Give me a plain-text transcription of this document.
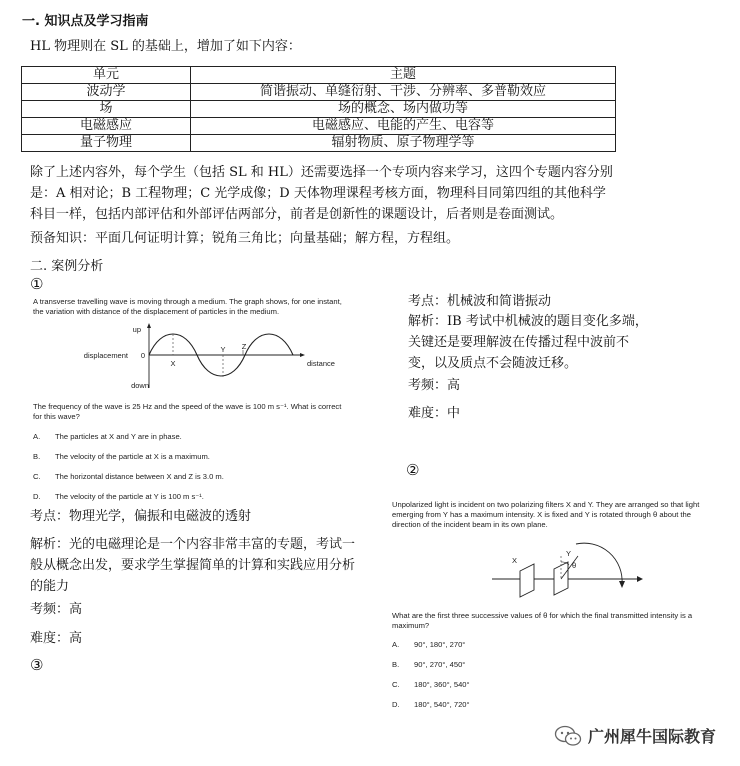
一. 知识点及学习指南
HL 物理则在 SL 的基础上，增加了如下内容：
单元	主题
波动学	简谐振动、单缝衍射、干涉、分辨率、多普勒效应
场	场的概念、场内做功等
电磁感应	电磁感应、电能的产生、电容等
量子物理	辐射物质、原子物理学等
除了上述内容外，每个学生（包括 SL 和 HL）还需要选择一个专项内容来学习，这四个专题内容分别
是：A 相对论；B 工程物理；C 光学成像；D 天体物理课程考核方面，物理科目同第四组的其他科学
科目一样，包括内部评估和外部评估两部分，前者是创新性的课题设计，后者则是卷面测试。
预备知识：平面几何证明计算；锐角三角比；向量基础；解方程，方程组。
二. 案例分析
①
A transverse travelling wave is moving through a medium. The graph shows, for one instant,
the variation with distance of the displacement of particles in the medium.
up
displacement 0
down
X
Y Z
distance
The frequency of the wave is 25 Hz and the speed of the wave is 100 m s⁻¹. What is correct
for this wave?
A. The particles at X and Y are in phase.
B. The velocity of the particle at X is a maximum.
C. The horizontal distance between X and Z is 3.0 m.
D. The velocity of the particle at Y is 100 m s⁻¹.
考点：机械波和简谐振动
解析：IB 考试中机械波的题目变化多端，
关键还是要理解波在传播过程中波前不
变，以及质点不会随波迁移。
考频：高
难度：中
②
考点：物理光学，偏振和电磁波的透射
解析：光的电磁理论是一个内容非常丰富的专题，考试一
般从概念出发，要求学生掌握简单的计算和实践应用分析
的能力
考频：高
难度：高
③
Unpolarized light is incident on two polarizing filters X and Y. They are arranged so that light
emerging from Y has a maximum intensity. X is fixed and Y is rotated through θ about the
direction of the incident beam in its own plane.
X
Y
θ
What are the first three successive values of θ for which the final transmitted intensity is a
maximum?
A. 90°, 180°, 270°
B. 90°, 270°, 450°
C. 180°, 360°, 540°
D. 180°, 540°, 720°
广州犀牛国际教育
